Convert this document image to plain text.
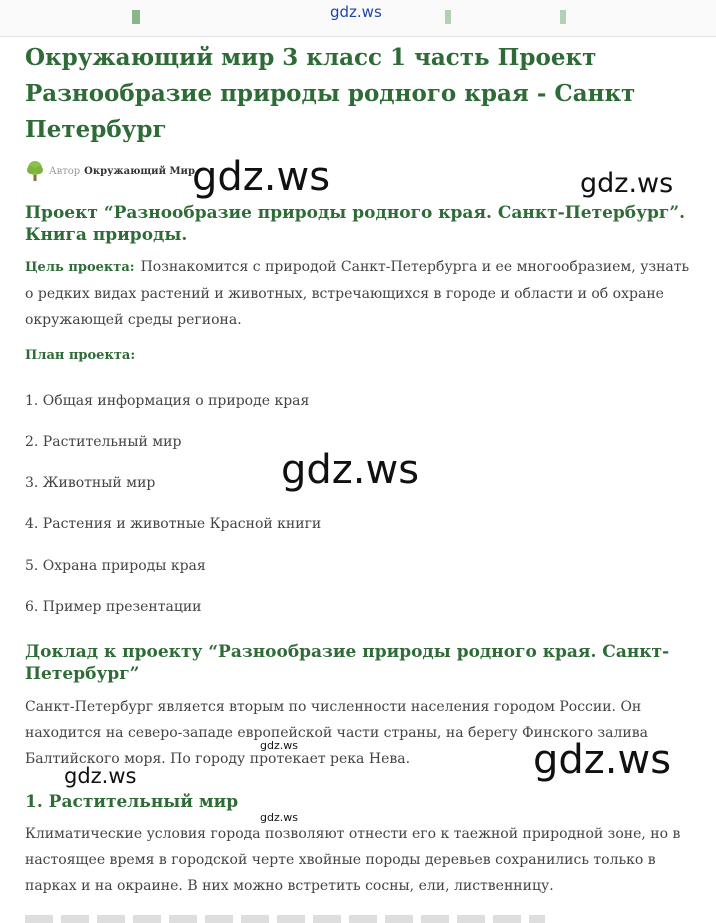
gdz.ws
Окружающий мир 3 класс 1 часть Проект Разнообразие природы родного края - Санкт Петербург
Автор Окружающий Мир
gdz.ws	gdz.ws
Проект “Разнообразие природы родного края. Санкт-Петербург”. Книга природы.

Цель проекта: Познакомится с природой Санкт-Петербурга и ее многообразием, узнать о редких видах растений и животных, встречающихся в городе и области и об охране окружающей среды региона.

План проекта:

1. Общая информация о природе края

2. Растительный мир

3. Животный мир

4. Растения и животные Красной книги

5. Охрана природы края

6. Пример презентации

gdz.ws
Доклад к проекту “Разнообразие природы родного края. Санкт-Петербург”

Санкт-Петербург является вторым по численности населения городом России. Он находится на северо-западе европейской части страны, на берегу Финского залива Балтийского моря. По городу протекает река Нева.

gdz.ws	gdz.ws
gdz.ws
1. Растительный мир
gdz.ws

Климатические условия города позволяют отнести его к таежной природной зоне, но в настоящее время в городской черте хвойные породы деревьев сохранились только в парках и на окраине. В них можно встретить сосны, ели, лиственницу.
